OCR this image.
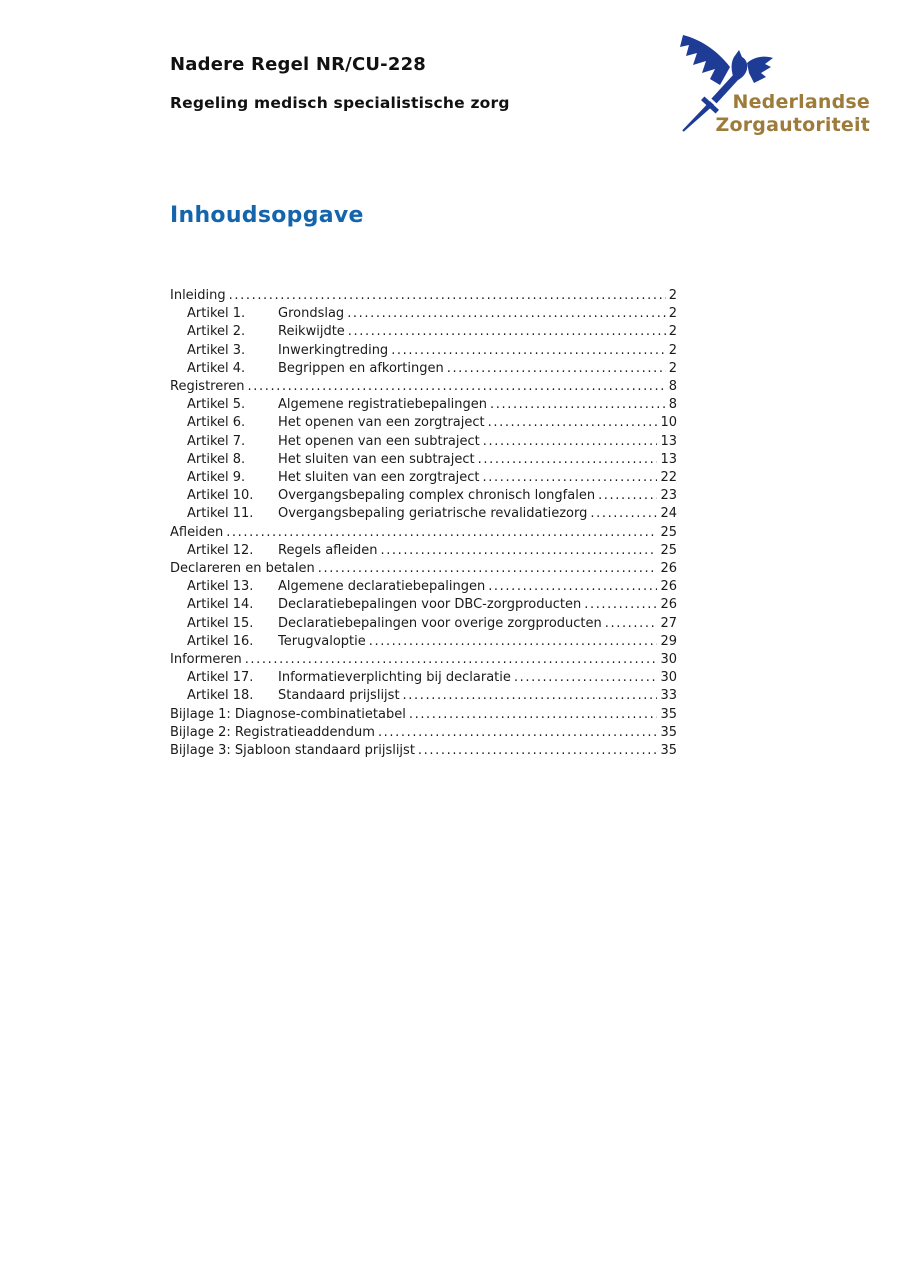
Nadere Regel NR/CU-228
Regeling medisch specialistische zorg	Nederlandse
Zorgautoriteit
Inhoudsopgave
Inleiding .....	2
Artikel 1.	Grondslag .....	2
Artikel 2.	Reikwijdte .....	2
Artikel 3.	Inwerkingtreding .....	2
Artikel 4.	Begrippen en afkortingen .....	2
Registreren .....	8
Artikel 5.	Algemene registratiebepalingen .....	8
Artikel 6.	Het openen van een zorgtraject .....	10
Artikel 7.	Het openen van een subtraject .....	13
Artikel 8.	Het sluiten van een subtraject .....	13
Artikel 9.	Het sluiten van een zorgtraject .....	22
Artikel 10.	Overgangsbepaling complex chronisch longfalen .....	23
Artikel 11.	Overgangsbepaling geriatrische revalidatiezorg .....	24
Afleiden .....	25
Artikel 12.	Regels afleiden .....	25
Declareren en betalen .....	26
Artikel 13.	Algemene declaratiebepalingen .....	26
Artikel 14.	Declaratiebepalingen voor DBC-zorgproducten .....	26
Artikel 15.	Declaratiebepalingen voor overige zorgproducten .....	27
Artikel 16.	Terugvaloptie .....	29
Informeren .....	30
Artikel 17.	Informatieverplichting bij declaratie .....	30
Artikel 18.	Standaard prijslijst .....	33
Bijlage 1: Diagnose-combinatietabel .....	35
Bijlage 2: Registratieaddendum .....	35
Bijlage 3: Sjabloon standaard prijslijst .....	35
